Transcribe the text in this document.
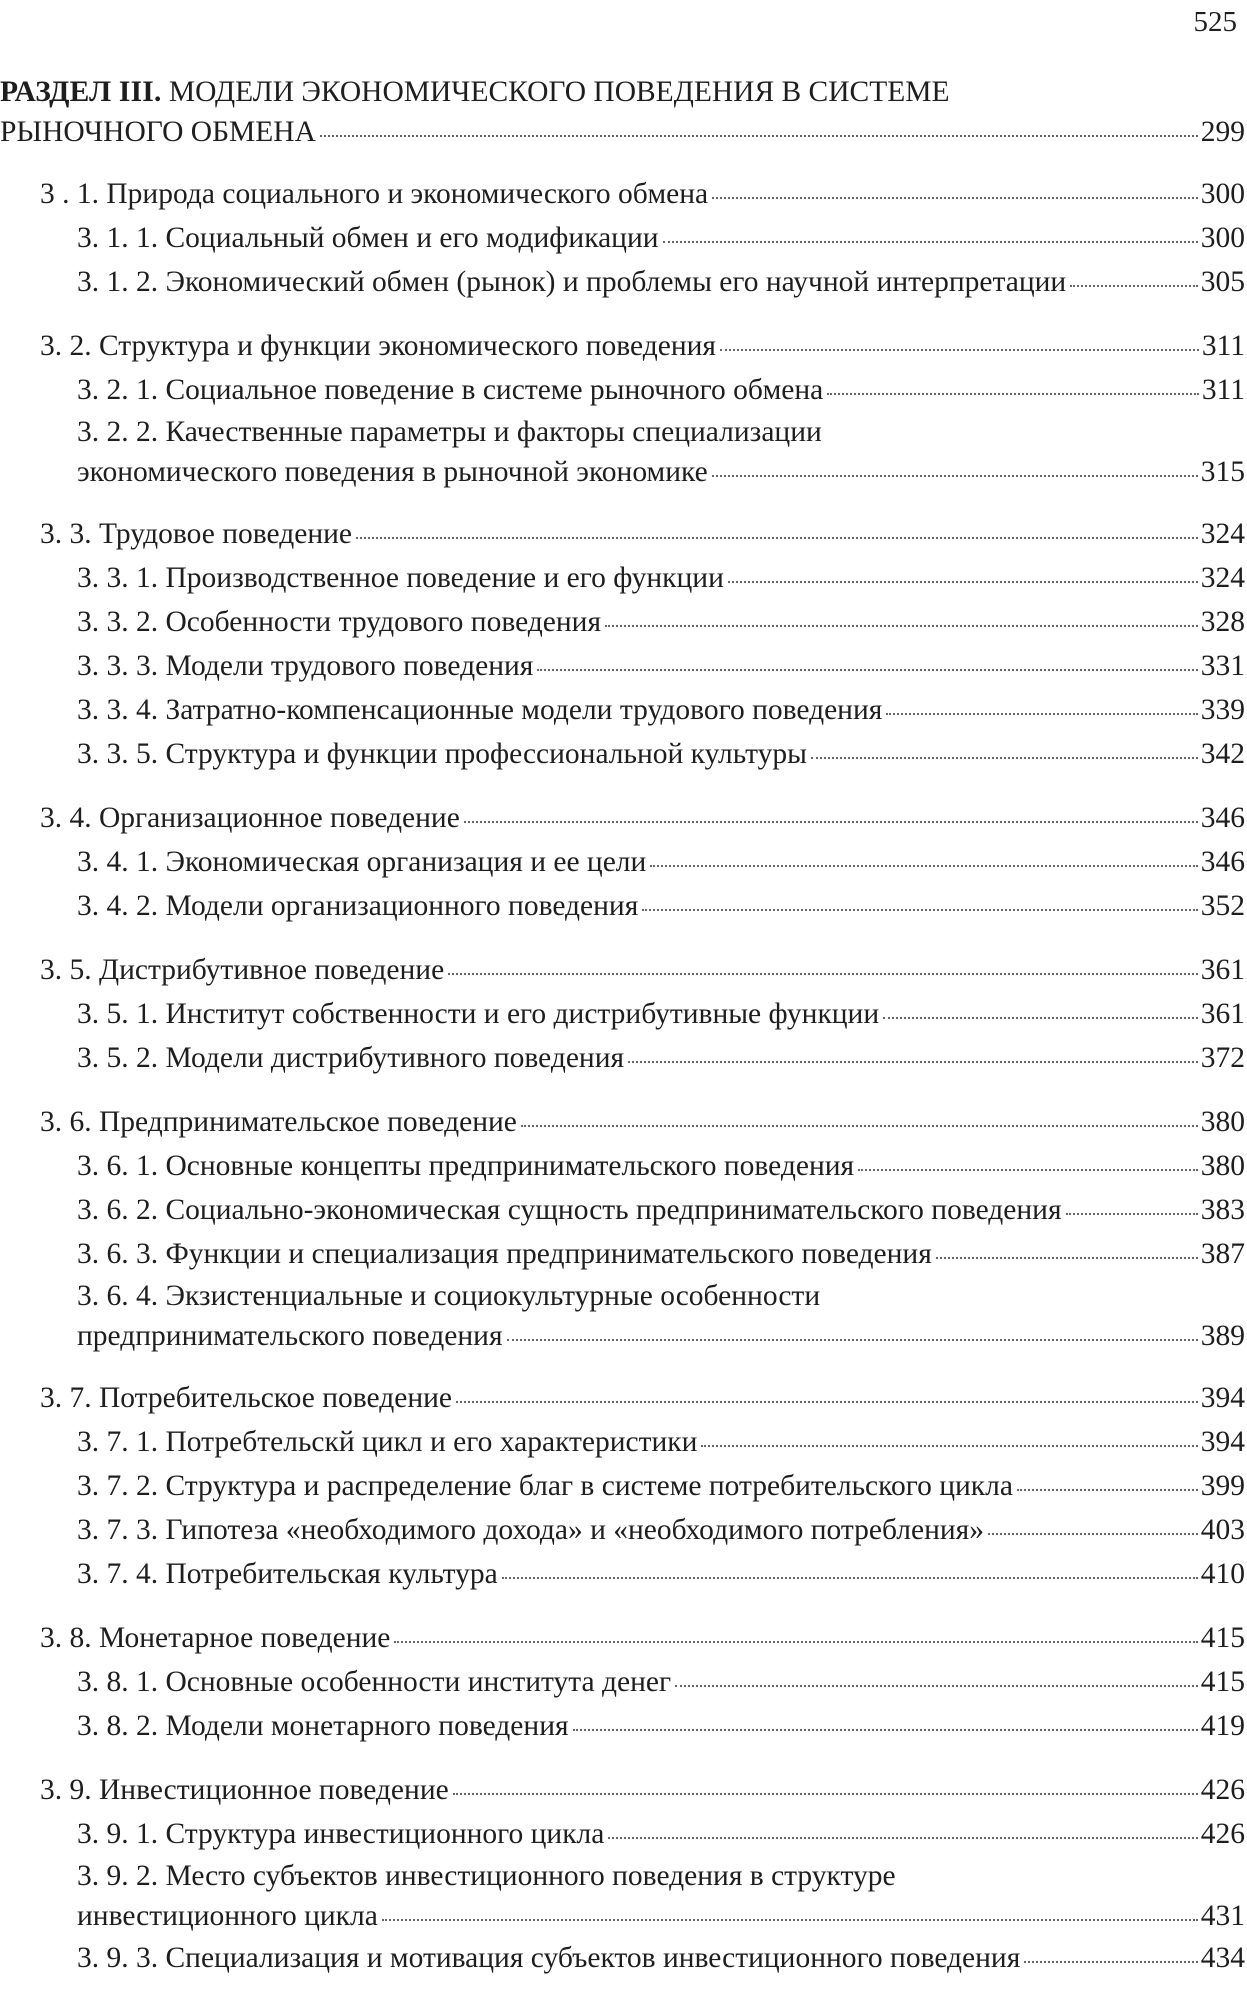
525
РАЗДЕЛ III. МОДЕЛИ ЭКОНОМИЧЕСКОГО ПОВЕДЕНИЯ В СИСТЕМЕ
РЫНОЧНОГО ОБМЕНА	299
3 . 1. Природа социального и экономического обмена	300
3. 1. 1. Социальный обмен и его модификации	300
3. 1. 2. Экономический обмен (рынок) и проблемы его научной интерпретации	305
3. 2. Структура и функции экономического поведения	311
3. 2. 1. Социальное поведение в системе рыночного обмена	311
3. 2. 2. Качественные параметры и факторы специализации
экономического поведения в рыночной экономике	315
3. 3. Трудовое поведение	324
3. 3. 1. Производственное поведение и его функции	324
3. 3. 2. Особенности трудового поведения	328
3. 3. 3. Модели трудового поведения	331
3. 3. 4. Затратно-компенсационные модели трудового поведения	339
3. 3. 5. Структура и функции профессиональной культуры	342
3. 4. Организационное поведение	346
3. 4. 1. Экономическая организация и ее цели	346
3. 4. 2. Модели организационного поведения	352
3. 5. Дистрибутивное поведение	361
3. 5. 1. Институт собственности и его дистрибутивные функции	361
3. 5. 2. Модели дистрибутивного поведения	372
3. 6. Предпринимательское поведение	380
3. 6. 1. Основные концепты предпринимательского поведения	380
3. 6. 2. Социально-экономическая сущность предпринимательского поведения	383
3. 6. 3. Функции и специализация предпринимательского поведения	387
3. 6. 4. Экзистенциальные и социокультурные особенности
предпринимательского поведения	389
3. 7. Потребительское поведение	394
3. 7. 1. Потребтельскй цикл и его характеристики	394
3. 7. 2. Структура и распределение благ в системе потребительского цикла	399
3. 7. 3. Гипотеза «необходимого дохода» и «необходимого потребления»	403
3. 7. 4. Потребительская культура	410
3. 8. Монетарное поведение	415
3. 8. 1. Основные особенности института денег	415
3. 8. 2. Модели монетарного поведения	419
3. 9. Инвестиционное поведение	426
3. 9. 1. Структура инвестиционного цикла	426
3. 9. 2. Место субъектов инвестиционного поведения в структуре
инвестиционного цикла	431
3. 9. 3. Специализация и мотивация субъектов инвестиционного поведения	434
